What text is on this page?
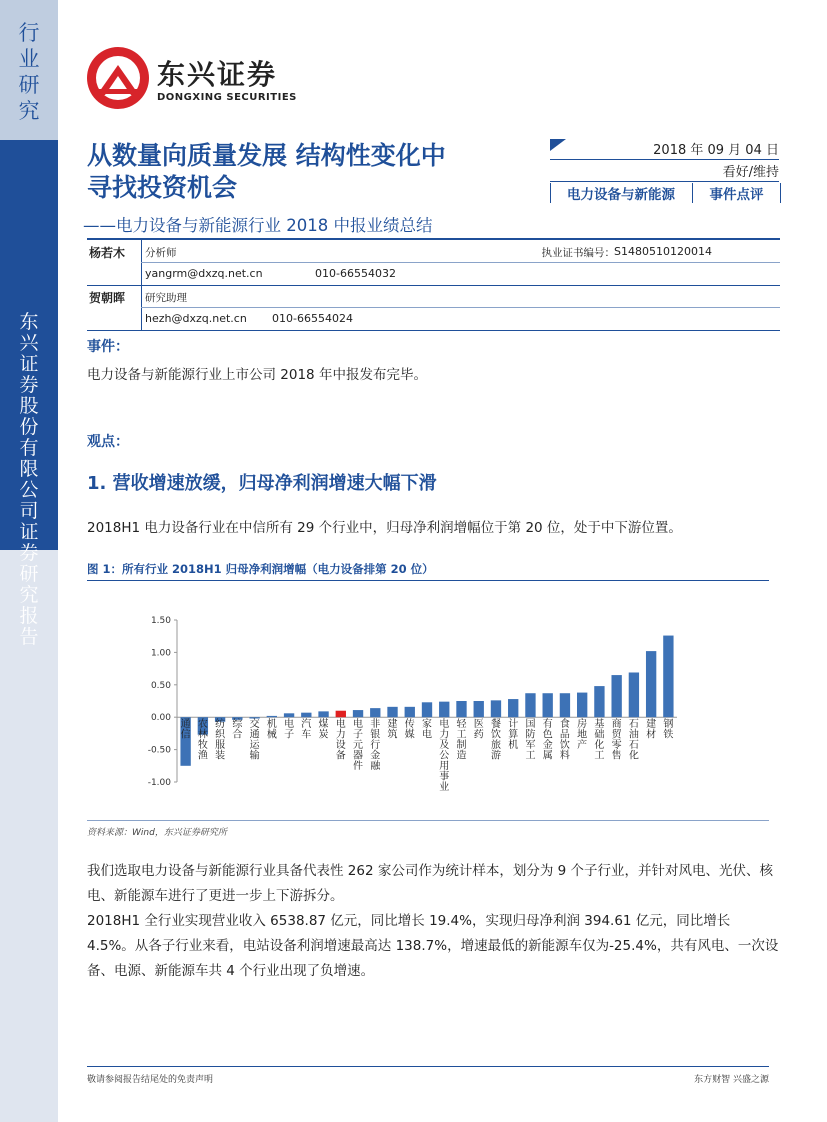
行
业
研
究
东
兴
证
券
股
份
有
限
公
司
证
券
研
究
报
告
东兴证券
DONGXING SECURITIES
从数量向质量发展 结构性变化中
寻找投资机会
——电力设备与新能源行业 2018 中报业绩总结
2018 年 09 月 04 日
看好/维持
电力设备与新能源	事件点评
杨若木 分析师	执业证书编号： S1480510120014
yangrm@dxzq.net.cn	010-66554032
贺朝晖 研究助理
hezh@dxzq.net.cn 010-66554024
事件：
电力设备与新能源行业上市公司 2018 年中报发布完毕。
观点：
1. 营收增速放缓，归母净利润增速大幅下滑
2018H1 电力设备行业在中信所有 29 个行业中，归母净利润增幅位于第 20 位，处于中下游位置。
图 1：所有行业 2018H1 归母净利润增幅（电力设备排第 20 位）
1.50
1.00
0.50
0.00
-0.50
-1.00
通信
农林牧渔
纺织服装
综合
交通运输
机械
电子
汽车
煤炭
电力设备
电子元器件
非银行金融
建筑
传媒
家电
电力及公用事业
轻工制造
医药
餐饮旅游
计算机
国防军工
有色金属
食品饮料
房地产
基础化工
商贸零售
石油石化
建材
钢铁
资料来源：Wind，东兴证券研究所
我们选取电力设备与新能源行业具备代表性 262 家公司作为统计样本，划分为 9 个子行业，并针对风电、光伏、核电、新能源车进行了更进一步上下游拆分。
2018H1 全行业实现营业收入 6538.87 亿元，同比增长 19.4%，实现归母净利润 394.61 亿元，同比增长 4.5%。从各子行业来看，电站设备利润增速最高达 138.7%，增速最低的新能源车仅为-25.4%，共有风电、一次设备、电源、新能源车共 4 个行业出现了负增速。
敬请参阅报告结尾处的免责声明	东方财智 兴盛之源
